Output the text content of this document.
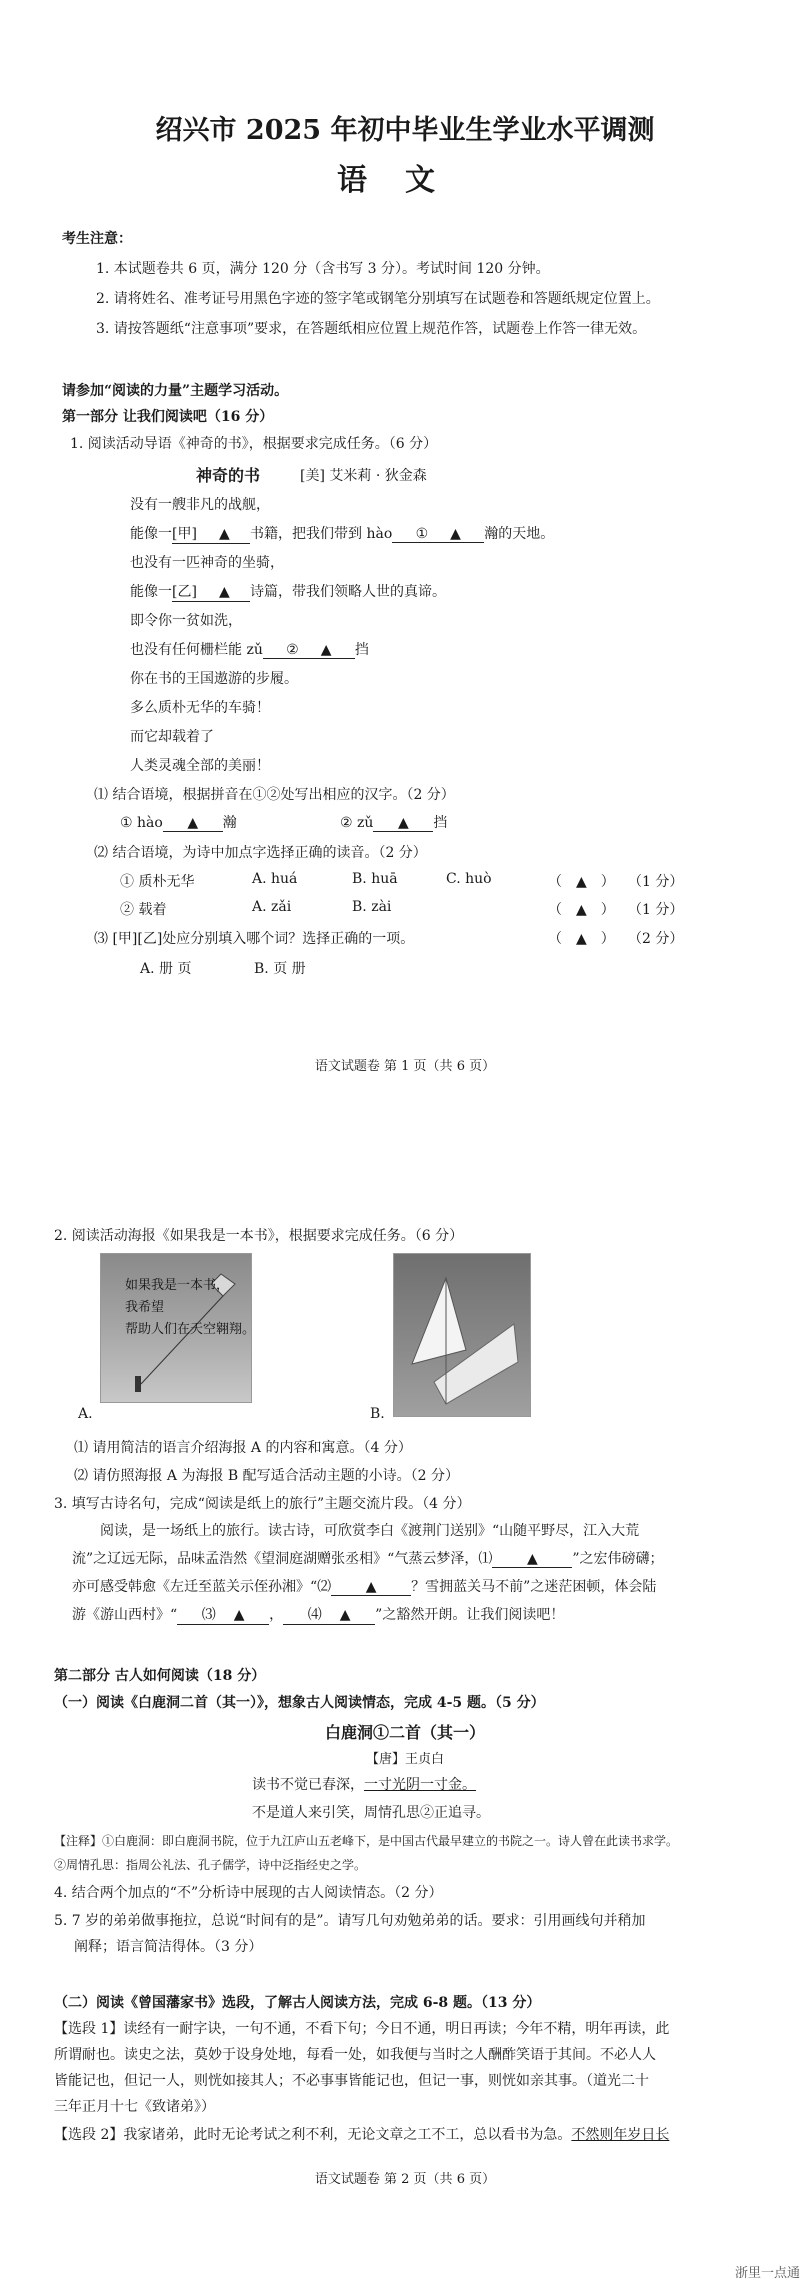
绍兴市 2025 年初中毕业生学业水平调测
语文
考生注意：
1. 本试题卷共 6 页，满分 120 分（含书写 3 分）。考试时间 120 分钟。
2. 请将姓名、准考证号用黑色字迹的签字笔或钢笔分别填写在试题卷和答题纸规定位置上。
3. 请按答题纸“注意事项”要求，在答题纸相应位置上规范作答，试题卷上作答一律无效。
请参加“阅读的力量”主题学习活动。
第一部分 让我们阅读吧（16 分）
1. 阅读活动导语《神奇的书》，根据要求完成任务。（6 分）
神奇的书	[美] 艾米莉 · 狄金森
没有一艘非凡的战舰，
能像一[甲] ▲ 书籍，把我们带到 hào ① ▲ 瀚的天地。
也没有一匹神奇的坐骑，
能像一[乙] ▲ 诗篇，带我们领略人世的真谛。
即令你一贫如洗，
也没有任何栅栏能 zǔ ② ▲ 挡
你在书的王国遨游的步履。
多么质朴无华的车骑！
而它却载着了
人类灵魂全部的美丽！
⑴ 结合语境，根据拼音在①②处写出相应的汉字。（2 分）
① hào ▲ 瀚	② zǔ ▲ 挡
⑵ 结合语境，为诗中加点字选择正确的读音。（2 分）
① 质朴无华	A. huá	B. huā	C. huò	（　▲　） （1 分）
② 载着	A. zǎi	B. zài	（　▲　） （1 分）
⑶ [甲][乙]处应分别填入哪个词？选择正确的一项。	（　▲　） （2 分）
A. 册 页	B. 页 册
语文试题卷 第 1 页（共 6 页）
2. 阅读活动海报《如果我是一本书》，根据要求完成任务。（6 分）
如果我是一本书，
我希望
帮助人们在天空翱翔。
A.	B.
⑴ 请用简洁的语言介绍海报 A 的内容和寓意。（4 分）
⑵ 请仿照海报 A 为海报 B 配写适合活动主题的小诗。（2 分）
3. 填写古诗名句，完成“阅读是纸上的旅行”主题交流片段。（4 分）
阅读，是一场纸上的旅行。读古诗，可欣赏李白《渡荆门送别》“山随平野尽，江入大荒
流”之辽远无际，品味孟浩然《望洞庭湖赠张丞相》“气蒸云梦泽，⑴ ▲ ”之宏伟磅礴；
亦可感受韩愈《左迁至蓝关示侄孙湘》“⑵ ▲ ？雪拥蓝关马不前”之迷茫困顿，体会陆
游《游山西村》“ ⑶ ▲ ， ⑷ ▲ ”之豁然开朗。让我们阅读吧！
第二部分 古人如何阅读（18 分）
（一）阅读《白鹿洞二首（其一）》，想象古人阅读情态，完成 4-5 题。（5 分）
白鹿洞①二首（其一）
【唐】王贞白
读书不觉已春深，一寸光阴一寸金。
不是道人来引笑，周情孔思②正追寻。
【注释】①白鹿洞：即白鹿洞书院，位于九江庐山五老峰下，是中国古代最早建立的书院之一。诗人曾在此读书求学。
②周情孔思：指周公礼法、孔子儒学，诗中泛指经史之学。
4. 结合两个加点的“不”分析诗中展现的古人阅读情态。（2 分）
5. 7 岁的弟弟做事拖拉，总说“时间有的是”。请写几句劝勉弟弟的话。要求：引用画线句并稍加
阐释；语言简洁得体。（3 分）
（二）阅读《曾国藩家书》选段，了解古人阅读方法，完成 6-8 题。（13 分）
【选段 1】读经有一耐字诀，一句不通，不看下句；今日不通，明日再读；今年不精，明年再读，此
所谓耐也。读史之法，莫妙于设身处地，每看一处，如我便与当时之人酬酢笑语于其间。不必人人
皆能记也，但记一人，则恍如接其人；不必事事皆能记也，但记一事，则恍如亲其事。（道光二十
三年正月十七《致诸弟》）
【选段 2】我家诸弟，此时无论考试之利不利，无论文章之工不工，总以看书为急。不然则年岁日长
语文试题卷 第 2 页（共 6 页）
浙里一点通
